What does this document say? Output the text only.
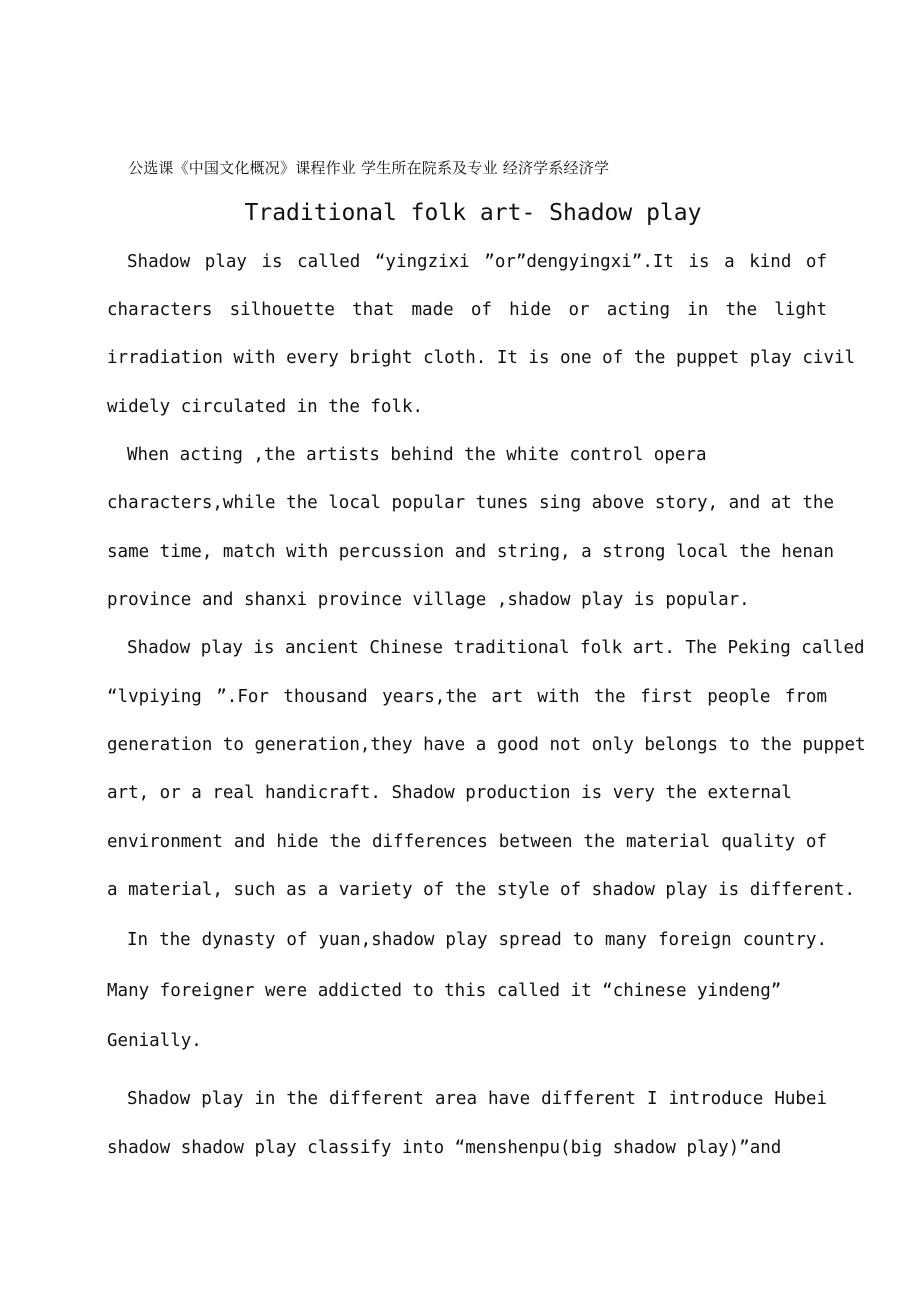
公选课《中国文化概况》课程作业 学生所在院系及专业 经济学系经济学
Traditional folk art- Shadow play
Shadow play is called “yingzixi ”or”dengyingxi”.It is a kind of
characters silhouette that made of hide or acting in the light
irradiation with every bright cloth. It is one of the puppet play civil
widely circulated in the folk.
When acting ,the artists behind the white control opera
characters,while the local popular tunes sing above story, and at the
same time, match with percussion and string, a strong local the henan
province and shanxi province village ,shadow play is popular.
Shadow play is ancient Chinese traditional folk art. The Peking called
“lvpiying ”.For thousand years,the art with the first people from
generation to generation,they have a good not only belongs to the puppet
art, or a real handicraft. Shadow production is very the external
environment and hide the differences between the material quality of
a material, such as a variety of the style of shadow play is different.
In the dynasty of yuan,shadow play spread to many foreign country.
Many foreigner were addicted to this called it “chinese yindeng”
Genially.
Shadow play in the different area have different I introduce Hubei
shadow shadow play classify into “menshenpu(big shadow play)”and
